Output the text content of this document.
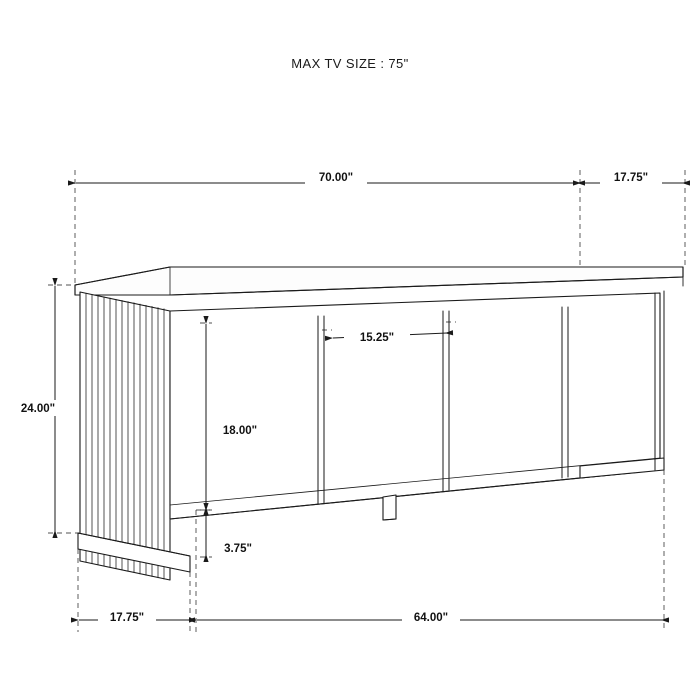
MAX TV SIZE : 75"
70.00"	17.75"
24.00"
18.00"
3.75"
15.25"
17.75"	64.00"
